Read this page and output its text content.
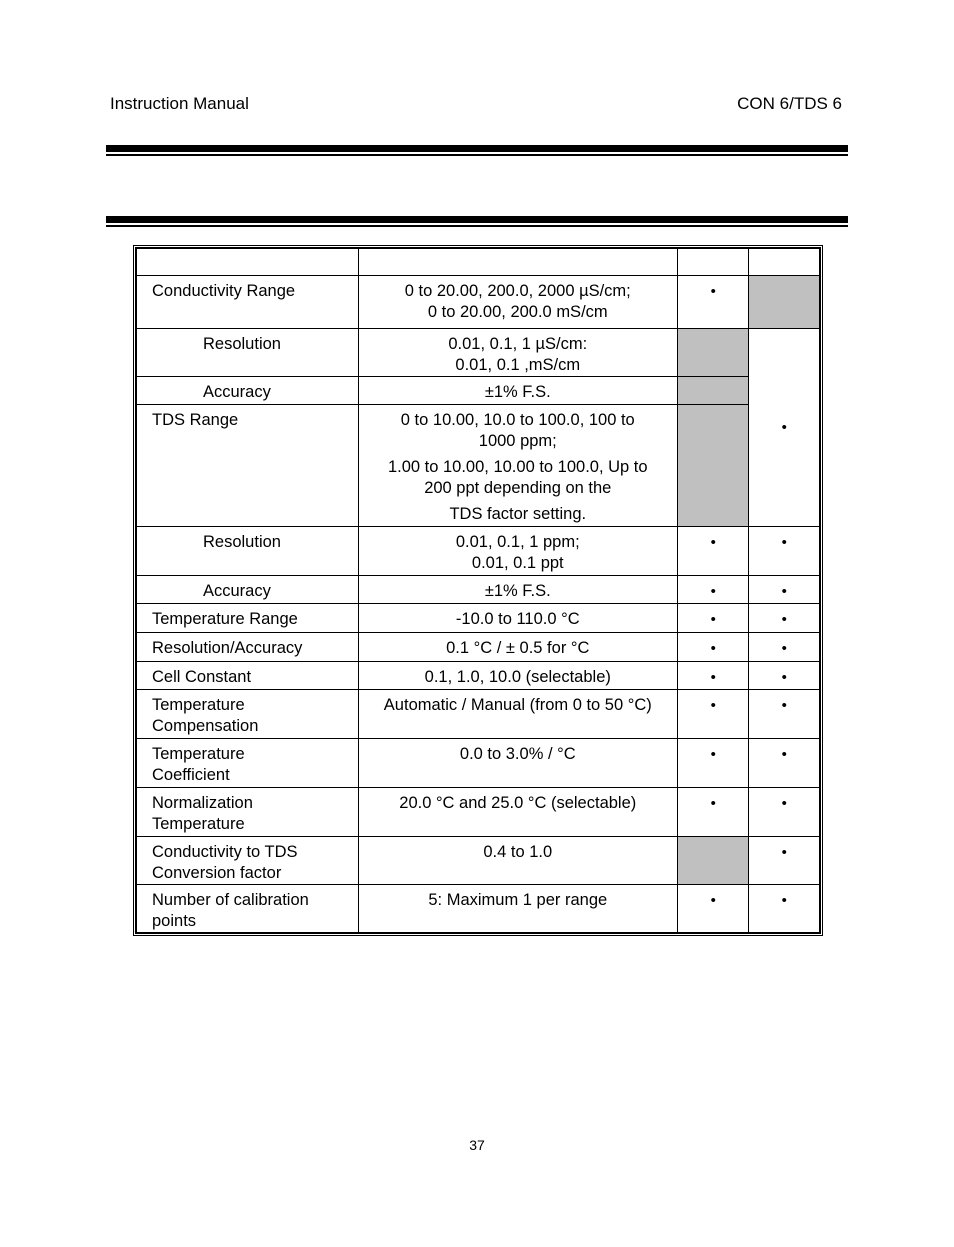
Instruction Manual	CON 6/TDS 6

Conductivity Range	0 to 20.00, 200.0, 2000 µS/cm;
0 to 20.00, 200.0 mS/cm	•	
Resolution	0.01, 0.1, 1 µS/cm:
0.01, 0.1 ,mS/cm		•
Accuracy	±1% F.S.		

TDS Range	0 to 10.00, 10.0 to 100.0, 100 to
1000 ppm;
1.00 to 10.00, 10.00 to 100.0, Up to
200 ppt depending on the
TDS factor setting.		

Resolution	0.01, 0.1, 1 ppm;
0.01, 0.1 ppt	•	•
Accuracy	±1% F.S.	•	•
Temperature Range	-10.0 to 110.0 °C	•	•
Resolution/Accuracy	0.1 °C / ± 0.5 for °C	•	•
Cell Constant	0.1, 1.0, 10.0 (selectable)	•	•

Temperature
Compensation	Automatic / Manual (from 0 to 50 °C)	•	•

Temperature
Coefficient	0.0 to 3.0% / °C	•	•

Normalization
Temperature	20.0 °C and 25.0 °C (selectable)	•	•

Conductivity to TDS
Conversion factor	0.4 to 1.0		•

Number of calibration
points	5: Maximum 1 per range	•	•
37
